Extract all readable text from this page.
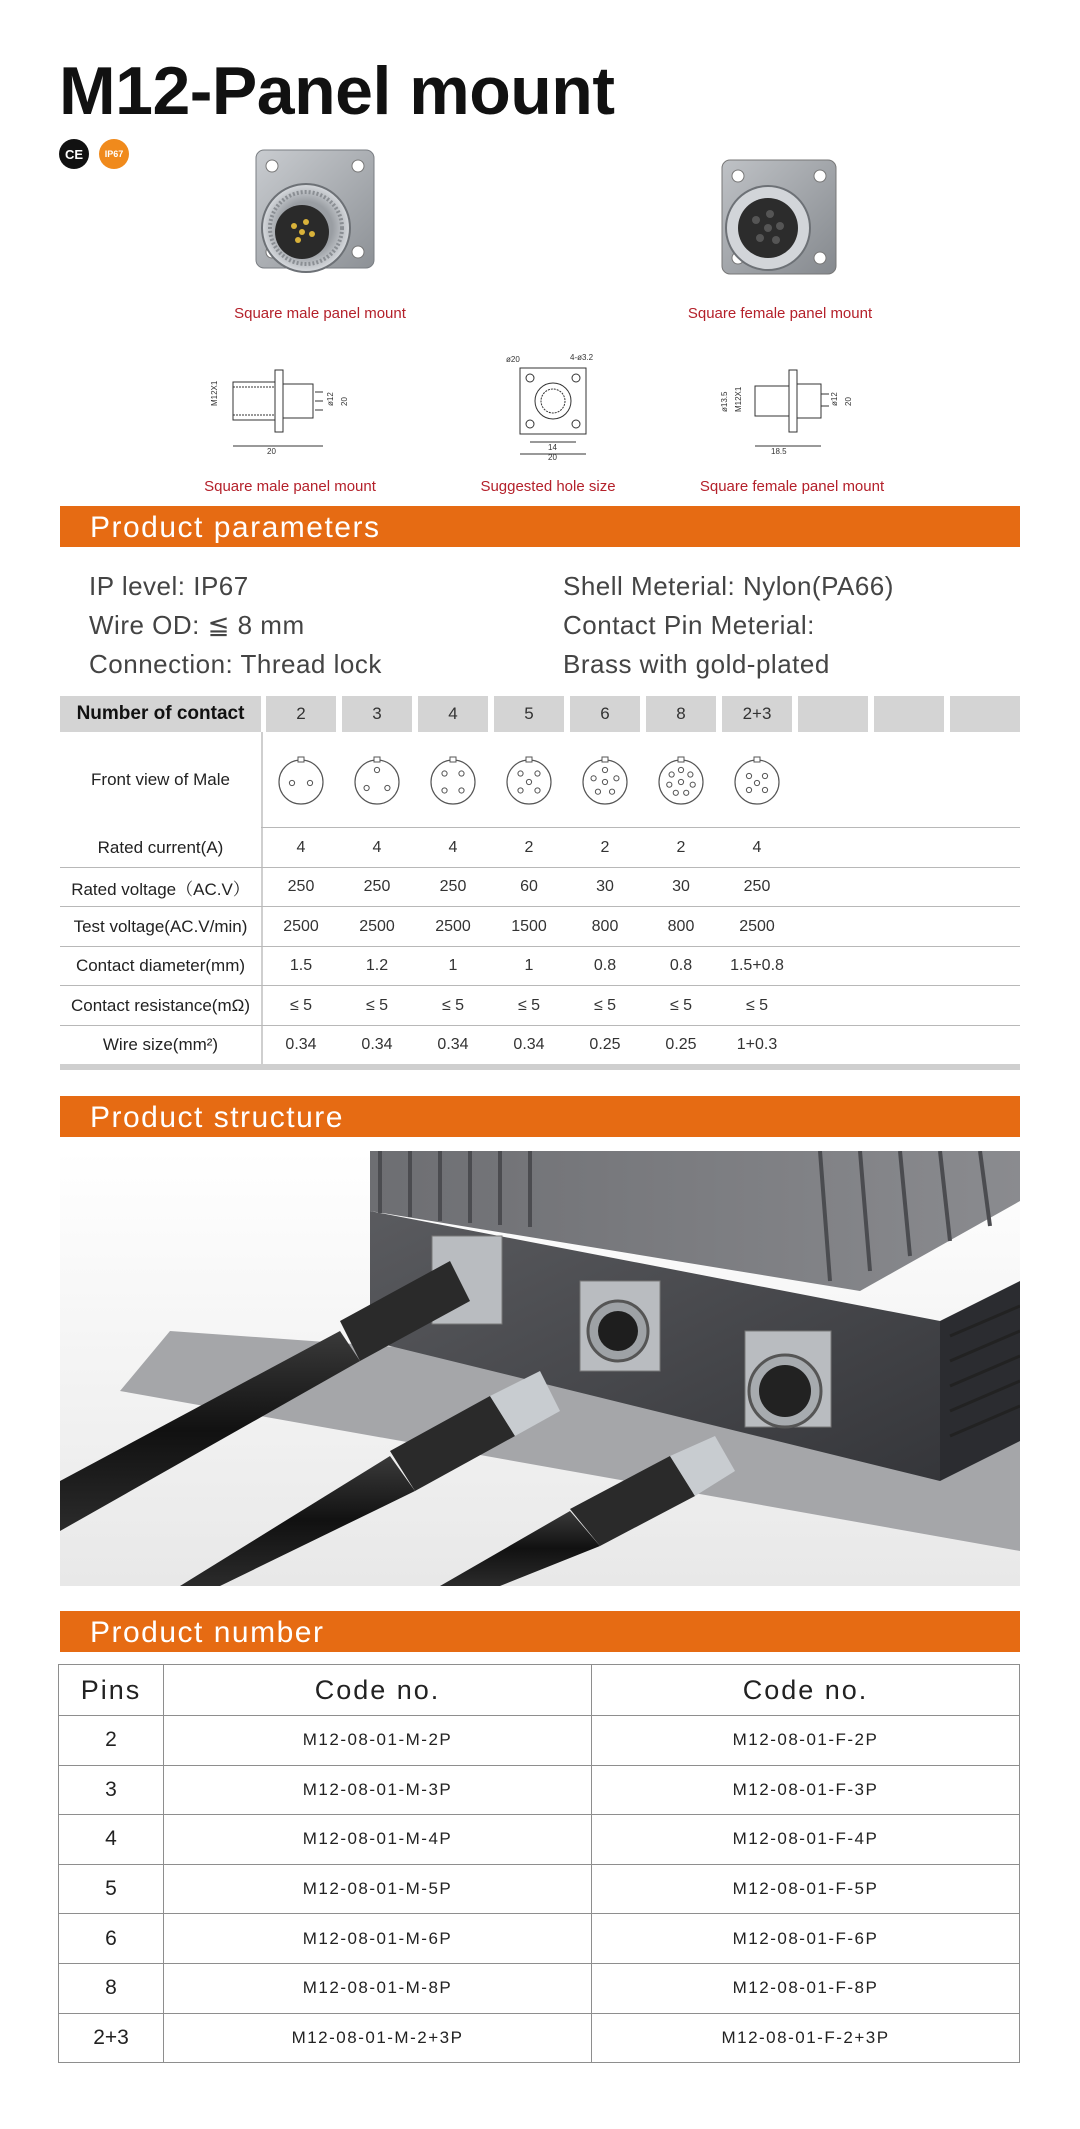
M12-Panel mount
CE	IP67
Square male panel mount	Square female panel mount
20
M12X1	ø12 20
Square male panel mount
14
20
ø20	4-ø3.2
Suggested hole size
18.5
ø13.5 M12X1	ø12 20
Square female panel mount
Product parameters
IP level: IP67
Wire OD: ≦ 8 mm
Connection: Thread lock
Shell Meterial: Nylon(PA66)
Contact Pin Meterial:
Brass with gold-plated
Number of contact	2	3	4	5	6	8	2+3
Front view of Male
Rated current(A)	4	4	4	2	2	2	4
Rated voltage（AC.V）	250	250	250	60	30	30	250
Test voltage(AC.V/min)	2500	2500	2500	1500	800	800	2500
Contact diameter(mm)	1.5	1.2	1	1	0.8	0.8	1.5+0.8
Contact resistance(mΩ)	≤ 5	≤ 5	≤ 5	≤ 5	≤ 5	≤ 5	≤ 5
Wire size(mm²)	0.34	0.34	0.34	0.34	0.25	0.25	1+0.3
Product structure
Product number
Pins	Code no.	Code no.
2	M12-08-01-M-2P	M12-08-01-F-2P
3	M12-08-01-M-3P	M12-08-01-F-3P
4	M12-08-01-M-4P	M12-08-01-F-4P
5	M12-08-01-M-5P	M12-08-01-F-5P
6	M12-08-01-M-6P	M12-08-01-F-6P
8	M12-08-01-M-8P	M12-08-01-F-8P
2+3	M12-08-01-M-2+3P	M12-08-01-F-2+3P
